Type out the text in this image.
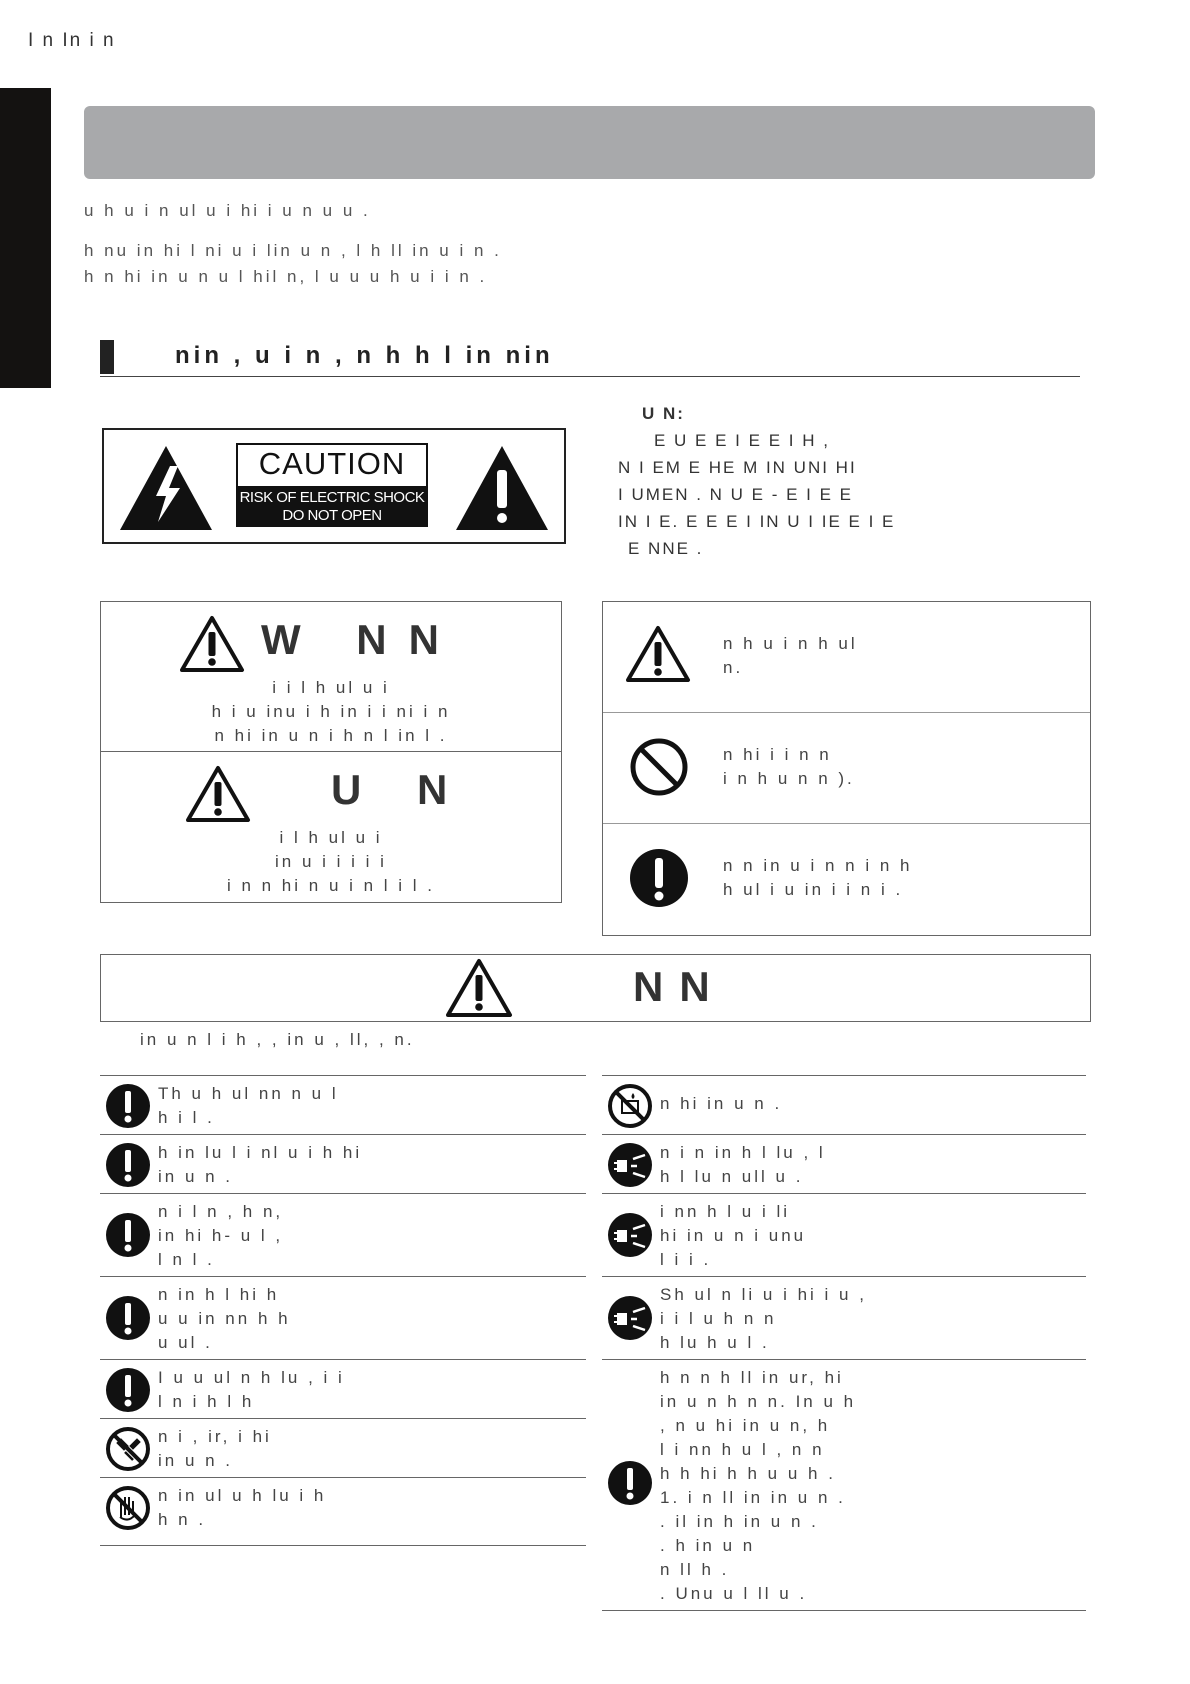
I n In i n

u h u i n ul u i hi i u n u u .

h nu in hi l ni u i lin u n , l h ll in u i n .

h n hi in u n u l hil n, l u u u h u i i n .

nin , u i n , n h h l in nin
CAUTION
RISK OF ELECTRIC SHOCK
DO NOT OPEN
U N:
E U E E I E E I H ,
N I EM E HE M IN UNI HI
I UMEN . N U E - E I E E
IN I E. E E E I IN U I IE E I E
E NNE .
W NN
i i l h ul u i
h i u inu i h in i i ni i n
n hi in u n i h n l in l .
U N
i l h ul u i
in u i i i i i
i n n hi n u i n l i l .
n h u i n h ul
n.
n hi i i n n
i n h u n n ).
n n in u i n n i n h
h ul i u in i i n i .
NN
in u n l i h , , in u , ll, , n.
Th u h ul nn n u l
h i l .
h in lu l i nl u i h hi
in u n .
n i l n , h n,
in hi h- u l ,
l n l .
n in h l hi h
u u in nn h h
u ul .
I u u ul n h lu , i i
l n i h l h
n i , ir, i hi
in u n .
n in ul u h lu i h
h n .
n hi in u n .
n i n in h l lu , l
h l lu n ull u .
i nn h l u i li
hi in u n i unu
l i i .
Sh ul n li u i hi i u ,
i i l u h n n
h lu h u l .
h n n h ll in ur, hi
in u n h n n. In u h
, n u hi in u n, h
l i nn h u l , n n
h h hi h h u u h .
1. i n ll in in u n .
. il in h in u n .
. h in u n
n ll h .
. Unu u l ll u .
